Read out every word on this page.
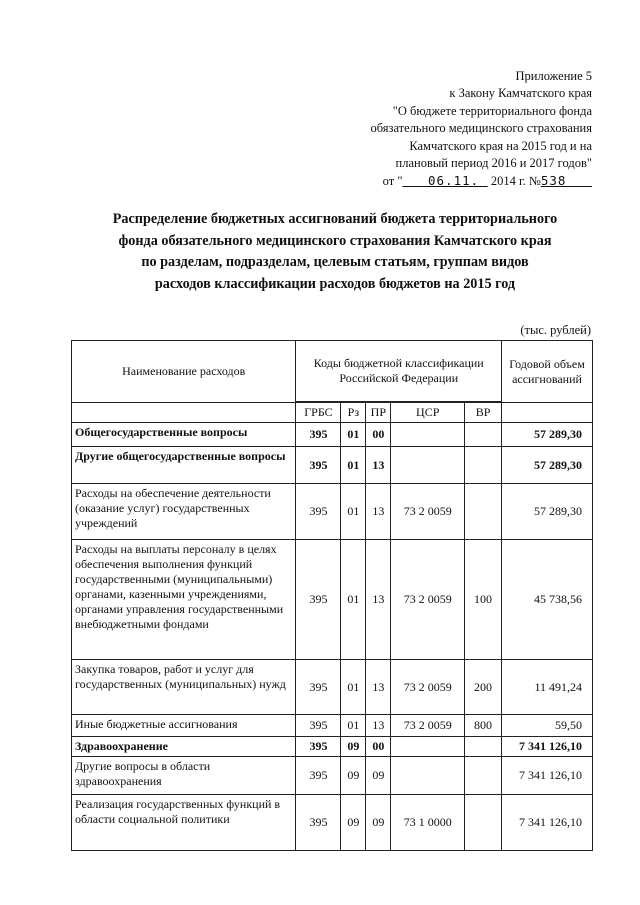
Приложение 5
к Закону Камчатского края
"О бюджете территориального фонда
обязательного медицинского страхования
Камчатского края на 2015 год и на
плановый период 2016 и 2017 годов"
от " 06.11.  2014 г. №538
Распределение бюджетных ассигнований бюджета территориального
фонда обязательного медицинского страхования Камчатского края
по разделам, подразделам, целевым статьям, группам видов
расходов классификации расходов бюджетов на 2015 год
(тыс. рублей)
Наименование расходов	Коды бюджетной классификации Российской Федерации					Годовой объем ассигнований

	ГРБС	Рз	ПР	ЦСР	ВР	
Общегосударственные вопросы	395	01	00			57 289,30
Другие общегосударственные вопросы	395	01	13			57 289,30
Расходы на обеспечение деятельности (оказание услуг) государственных учреждений	395	01	13	73 2 0059		57 289,30
Расходы на выплаты персоналу в целях обеспечения выполнения функций государственными (муниципальными) органами, казенными учреждениями, органами управления государственными внебюджетными фондами	395	01	13	73 2 0059	100	45 738,56
Закупка товаров, работ и услуг для государственных (муниципальных) нужд	395	01	13	73 2 0059	200	11 491,24
Иные бюджетные ассигнования	395	01	13	73 2 0059	800	59,50
Здравоохранение	395	09	00			7 341 126,10
Другие вопросы в области здравоохранения	395	09	09			7 341 126,10
Реализация государственных функций в области социальной политики	395	09	09	73 1 0000		7 341 126,10
